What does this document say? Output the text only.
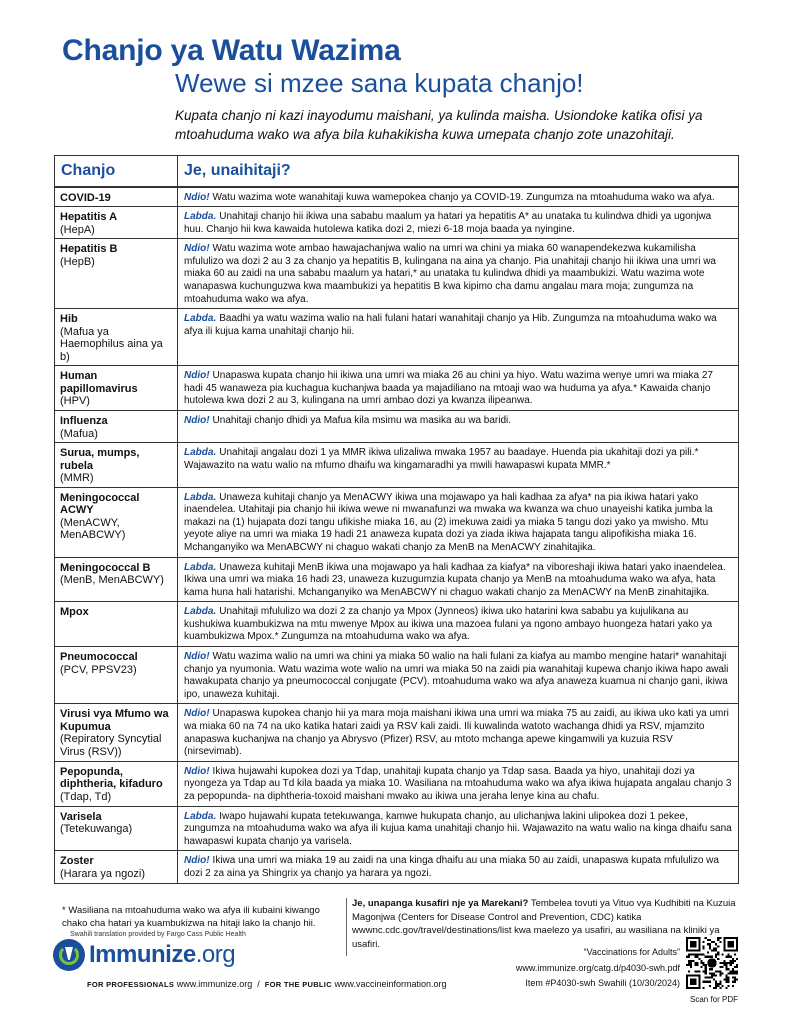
Chanjo ya Watu Wazima
Wewe si mzee sana kupata chanjo!
Kupata chanjo ni kazi inayodumu maishani, ya kulinda maisha. Usiondoke katika ofisi ya mtoahuduma wako wa afya bila kuhakikisha kuwa umepata chanjo zote unazohitaji.
Chanjo	Je, unaihitaji?

COVID-19	Ndio! Watu wazima wote wanahitaji kuwa wamepokea chanjo ya COVID-19. Zungumza na mtoahuduma wako wa afya.

Hepatitis A
(HepA)	Labda. Unahitaji chanjo hii ikiwa una sababu maalum ya hatari ya hepatitis A* au unataka tu kulindwa dhidi ya ugonjwa huu. Chanjo hii kwa kawaida hutolewa katika dozi 2, miezi 6-18 moja baada ya nyingine.

Hepatitis B
(HepB)	Ndio! Watu wazima wote ambao hawajachanjwa walio na umri wa chini ya miaka 60 wanapendekezwa kukamilisha mfululizo wa dozi 2 au 3 za chanjo ya hepatitis B, kulingana na aina ya chanjo. Pia unahitaji chanjo hii ikiwa una umri wa miaka 60 au zaidi na una sababu maalum ya hatari,* au unataka tu kulindwa dhidi ya maambukizi. Watu wazima wote wanapaswa kuchunguzwa kwa maambukizi ya hepatitis B kwa kipimo cha damu angalau mara moja; zungumza na mtoahuduma wako wa afya.

Hib
(Mafua ya Haemophilus aina ya b)	Labda. Baadhi ya watu wazima walio na hali fulani hatari wanahitaji chanjo ya Hib. Zungumza na mtoahuduma wako wa afya ili kujua kama unahitaji chanjo hii.

Human papillomavirus
(HPV)	Ndio! Unapaswa kupata chanjo hii ikiwa una umri wa miaka 26 au chini ya hiyo. Watu wazima wenye umri wa miaka 27 hadi 45 wanaweza pia kuchagua kuchanjwa baada ya majadiliano na mtoaji wao wa huduma ya afya.* Kawaida chanjo hutolewa kwa dozi 2 au 3, kulingana na umri ambao dozi ya kwanza ilipeanwa.

Influenza
(Mafua)	Ndio! Unahitaji chanjo dhidi ya Mafua kila msimu wa masika au wa baridi.

Surua, mumps, rubela
(MMR)	Labda. Unahitaji angalau dozi 1 ya MMR ikiwa ulizaliwa mwaka 1957 au baadaye. Huenda pia ukahitaji dozi ya pili.* Wajawazito na watu walio na mfumo dhaifu wa kingamaradhi ya mwili hawapaswi kupata MMR.*

Meningococcal ACWY
(MenACWY, MenABCWY)	Labda. Unaweza kuhitaji chanjo ya MenACWY ikiwa una mojawapo ya hali kadhaa za afya* na pia ikiwa hatari yako inaendelea. Utahitaji pia chanjo hii ikiwa wewe ni mwanafunzi wa mwaka wa kwanza wa chuo unayeishi katika jumba la makazi na (1) hujapata dozi tangu ufikishe miaka 16, au (2) imekuwa zaidi ya miaka 5 tangu dozi yako ya mwisho. Mtu yeyote aliye na umri wa miaka 19 hadi 21 anaweza kupata dozi ya ziada ikiwa hajapata tangu alipofikisha miaka 16. Mchanganyiko wa MenABCWY ni chaguo wakati chanjo za MenB na MenACWY zinahitajika.

Meningococcal B
(MenB, MenABCWY)	Labda. Unaweza kuhitaji MenB ikiwa una mojawapo ya hali kadhaa za kiafya* na viboreshaji ikiwa hatari yako inaendelea. Ikiwa una umri wa miaka 16 hadi 23, unaweza kuzugumzia kupata chanjo ya MenB na mtoahuduma wako wa afya, hata kama huna hali hatarishi. Mchanganyiko wa MenABCWY ni chaguo wakati chanjo za MenACWY na MenB zinahitajika.

Mpox	Labda. Unahitaji mfululizo wa dozi 2 za chanjo ya Mpox (Jynneos) ikiwa uko hatarini kwa sababu ya kujulikana au kushukiwa kuambukizwa na mtu mwenye Mpox au ikiwa una mazoea fulani ya ngono ambayo huongeza hatari yako ya kuambukizwa Mpox.* Zungumza na mtoahuduma wako wa afya.

Pneumococcal
(PCV, PPSV23)	Ndio! Watu wazima walio na umri wa chini ya miaka 50 walio na hali fulani za kiafya au mambo mengine hatari* wanahitaji chanjo ya nyumonia. Watu wazima wote walio na umri wa miaka 50 na zaidi pia wanahitaji kupewa chanjo ikiwa hapo awali hawakupata chanjo ya pneumococcal conjugate (PCV). mtoahuduma wako wa afya anaweza kuamua ni chanjo gani, ikiwa ipo, unaweza kuhitaji.

Virusi vya Mfumo wa Kupumua
(Repiratory Syncytial Virus (RSV))	Ndio! Unapaswa kupokea chanjo hii ya mara moja maishani ikiwa una umri wa miaka 75 au zaidi, au ikiwa uko kati ya umri wa miaka 60 na 74 na uko katika hatari zaidi ya RSV kali zaidi. Ili kuwalinda watoto wachanga dhidi ya RSV, mjamzito anapaswa kuchanjwa na chanjo ya Abrysvo (Pfizer) RSV, au mtoto mchanga apewe kingamwili ya kuzuia RSV (nirsevimab).

Pepopunda, diphtheria, kifaduro
(Tdap, Td)	Ndio! Ikiwa hujawahi kupokea dozi ya Tdap, unahitaji kupata chanjo ya Tdap sasa. Baada ya hiyo, unahitaji dozi ya nyongeza ya Tdap au Td kila baada ya miaka 10. Wasiliana na mtoahuduma wako wa afya ikiwa hujapata angalau chanjo 3 za pepopunda- na diphtheria-toxoid maishani mwako au ikiwa una jeraha lenye kina au chafu.

Varisela
(Tetekuwanga)	Labda. Iwapo hujawahi kupata tetekuwanga, kamwe hukupata chanjo, au ulichanjwa lakini ulipokea dozi 1 pekee, zungumza na mtoahuduma wako wa afya ili kujua kama unahitaji chanjo hii. Wajawazito na watu walio na kinga dhaifu sana hawapaswi kupata chanjo ya varisela.

Zoster
(Harara ya ngozi)	Ndio! Ikiwa una umri wa miaka 19 au zaidi na una kinga dhaifu au una miaka 50 au zaidi, unapaswa kupata mfululizo wa dozi 2 za aina ya Shingrix ya chanjo ya harara ya ngozi.
* Wasiliana na mtoahuduma wako wa afya ili kubaini kiwango chako cha hatari ya kuambukizwa na hitaji lako la chanjo hii.
Je, unapanga kusafiri nje ya Marekani? Tembelea tovuti ya Vituo vya Kudhibiti na Kuzuia Magonjwa (Centers for Disease Control and Prevention, CDC) katika wwwnc.cdc.gov/travel/destinations/list kwa maelezo ya usafiri, au wasiliana na kliniki ya usafiri.
Swahili translation provided by Fargo Cass Public Health
Immunize.org
FOR PROFESSIONALS www.immunize.org / FOR THE PUBLIC www.vaccineinformation.org
“Vaccinations for Adults”
www.immunize.org/catg.d/p4030-swh.pdf
Item #P4030-swh Swahili (10/30/2024)
Scan for PDF
